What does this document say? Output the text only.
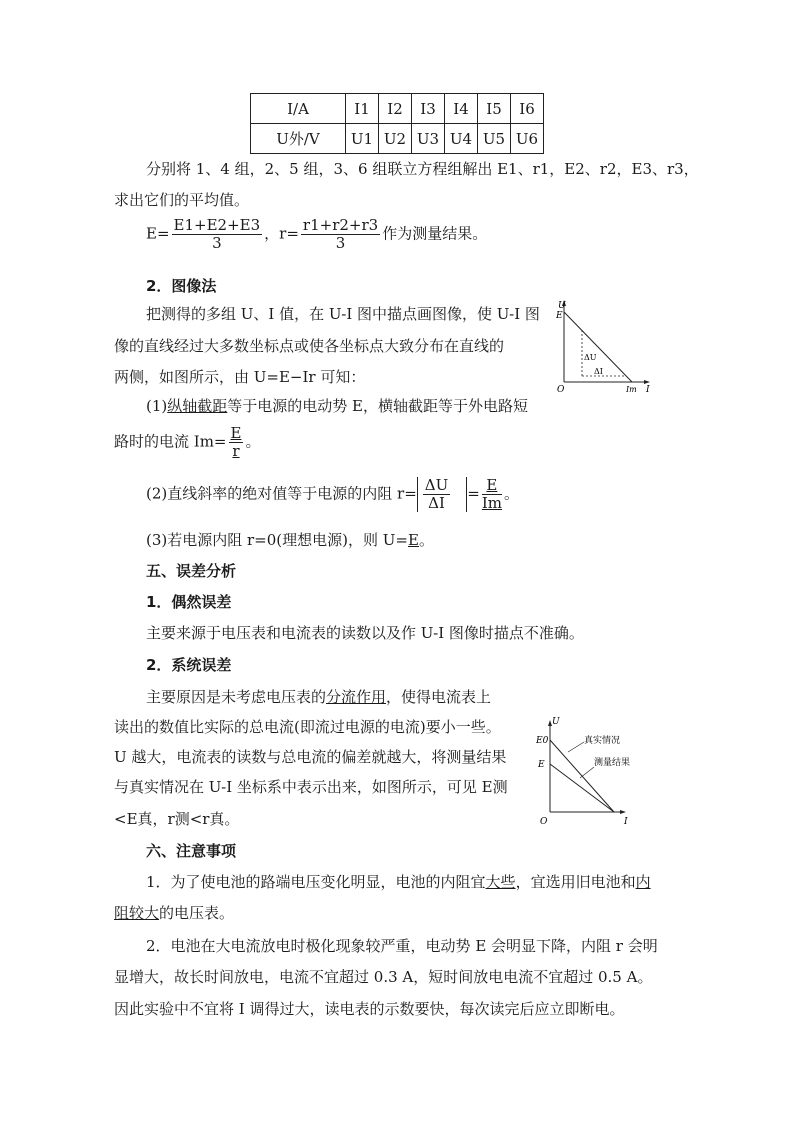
I/A	I1	I2	I3	I4	I5	I6
U外/V	U1	U2	U3	U4	U5	U6
分别将 1、4 组，2、5 组，3、6 组联立方程组解出 E1、r1，E2、r2，E3、r3，
求出它们的平均值。
$E= \frac{E1+E2+E3}{3}$ ，$r= \frac{r1+r2+r3}{3}$ 作为测量结果。
2．图像法
把测得的多组 U、I 值，在 U-I 图中描点画图像，使 U-I 图
像的直线经过大多数坐标点或使各坐标点大致分布在直线的
两侧，如图所示，由 U=E−Ir 可知：
U
E
O	I
Im
ΔU
ΔI
(1)纵轴截距等于电源的电动势 E，横轴截距等于外电路短
路时的电流 $Im= \frac{E}{r}$ 。
(2)直线斜率的绝对值等于电源的内阻 $r= \frac{\Delta U}{\Delta I} = \frac{E}{Im}$ 。
(3)若电源内阻 r=0(理想电源)，则 U=E。
五、误差分析
1．偶然误差
主要来源于电压表和电流表的读数以及作 U-I 图像时描点不准确。
2．系统误差
主要原因是未考虑电压表的分流作用，使得电流表上
读出的数值比实际的总电流(即流过电源的电流)要小一些。
U 越大，电流表的读数与总电流的偏差就越大，将测量结果
与真实情况在 U-I 坐标系中表示出来，如图所示，可见 E测
<E真，r测<r真。
U
E0
E
O	I
真实情况
测量结果
六、注意事项
1．为了使电池的路端电压变化明显，电池的内阻宜大些，宜选用旧电池和内
阻较大的电压表。
2．电池在大电流放电时极化现象较严重，电动势 E 会明显下降，内阻 r 会明
显增大，故长时间放电，电流不宜超过 0.3 A，短时间放电电流不宜超过 0.5 A。
因此实验中不宜将 I 调得过大，读电表的示数要快，每次读完后应立即断电。
